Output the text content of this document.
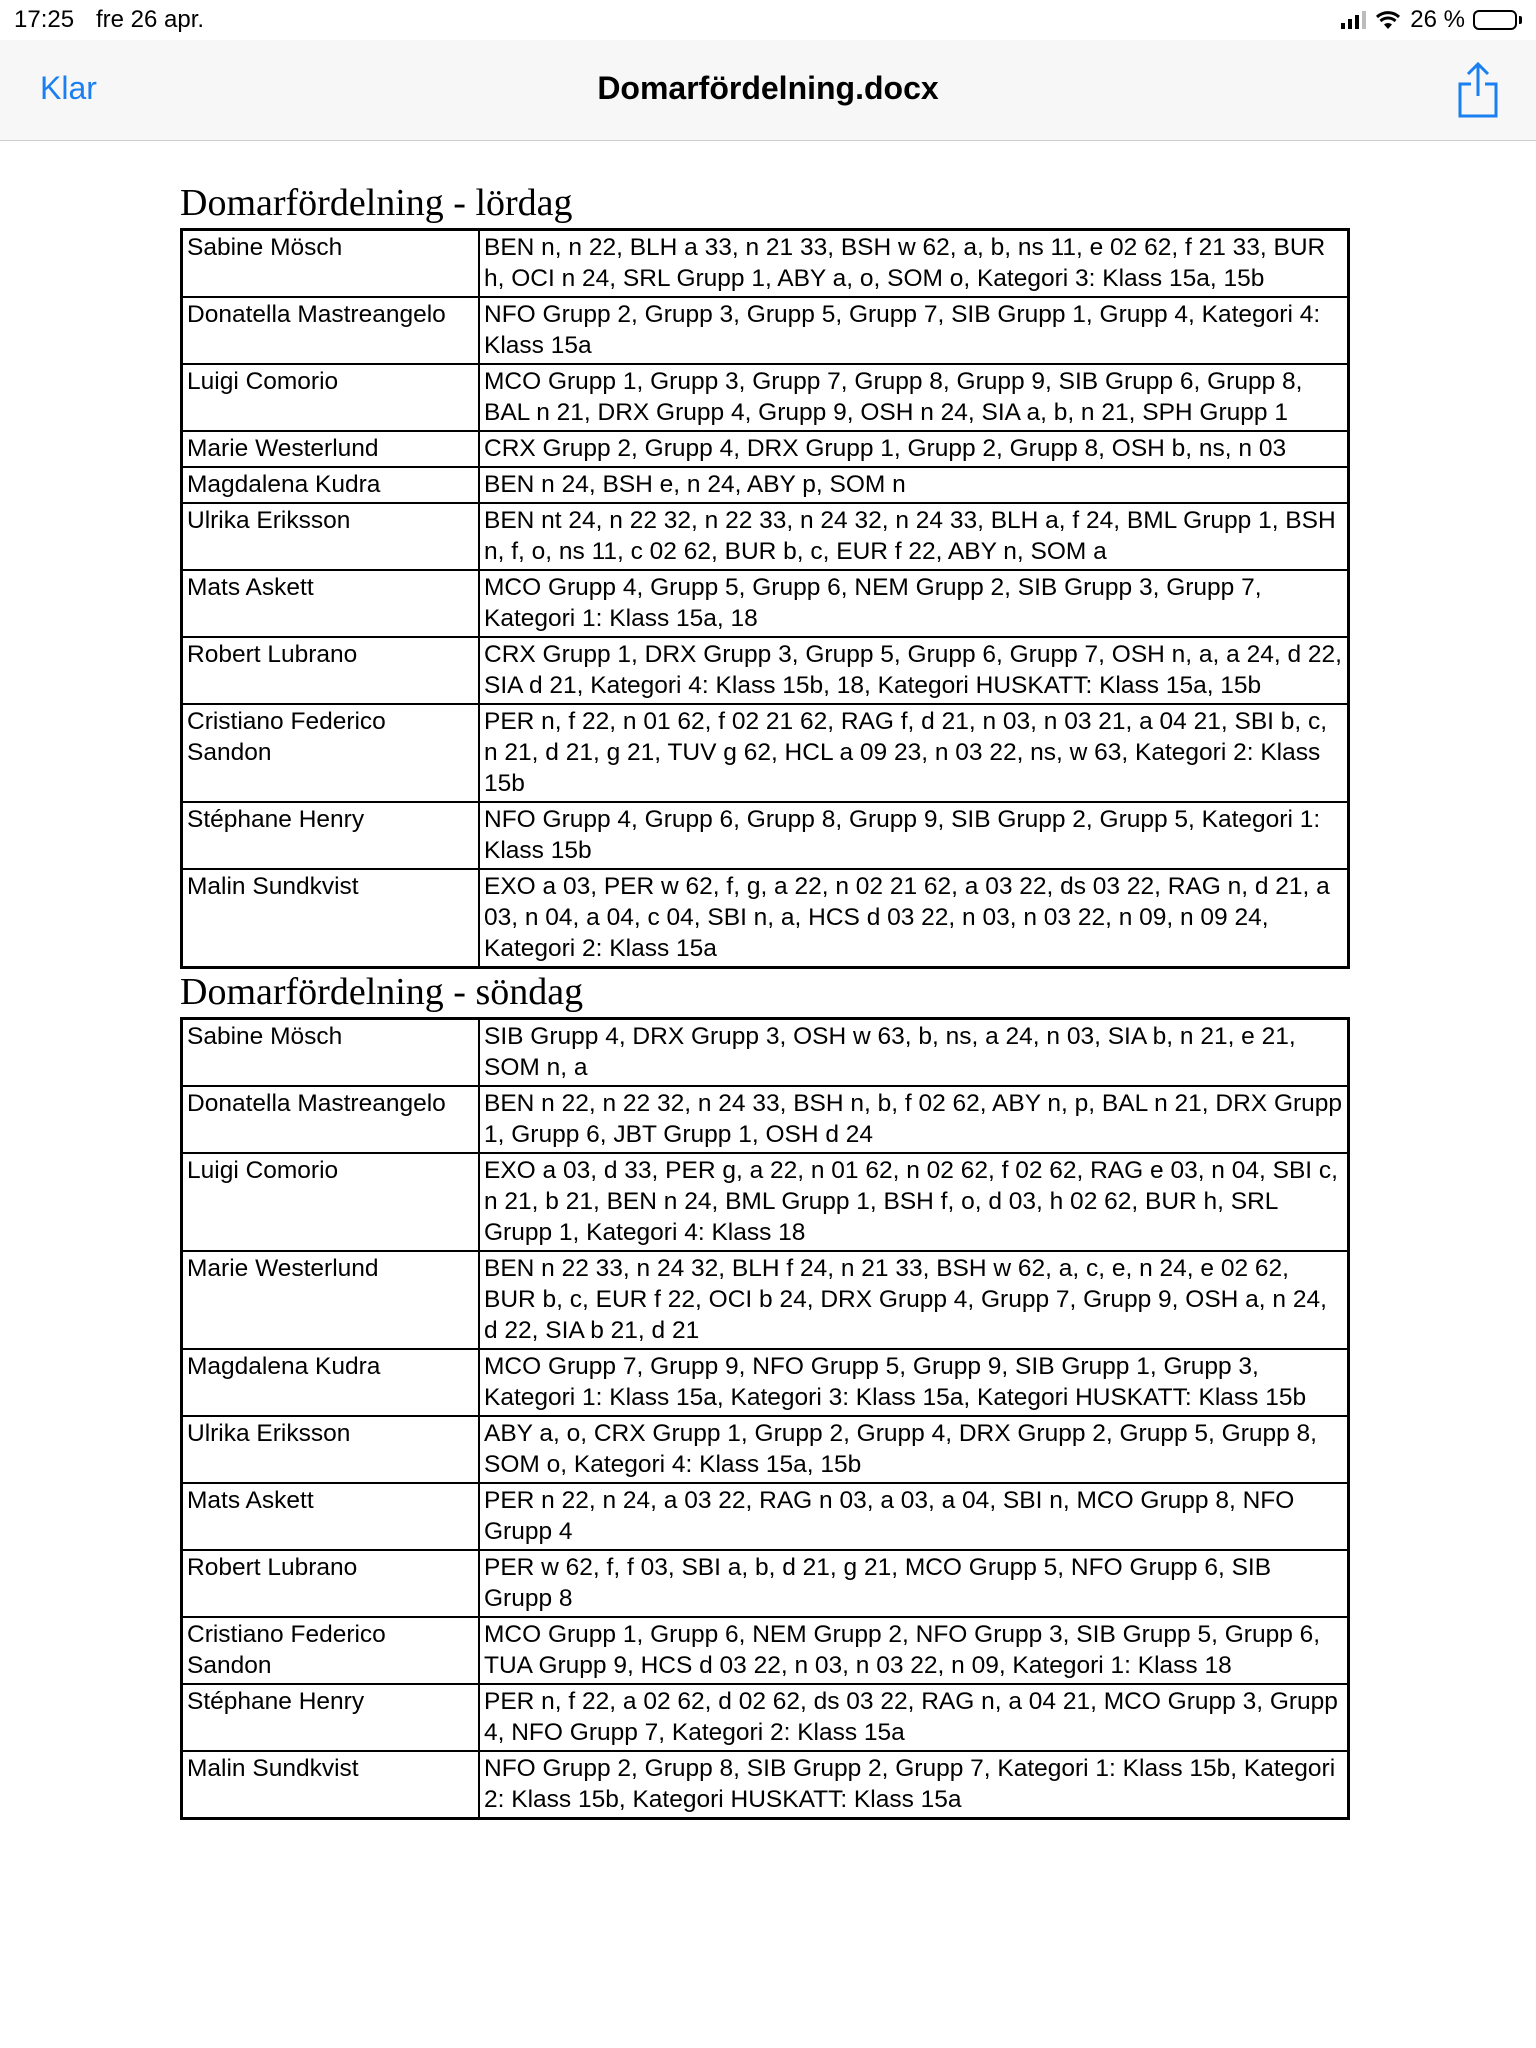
17:25 fre 26 apr.	26 %
Klar	Domarfördelning.docx
Domarfördelning - lördag
Sabine Mösch	BEN n, n 22, BLH a 33, n 21 33, BSH w 62, a, b, ns 11, e 02 62, f 21 33, BUR h, OCI n 24, SRL Grupp 1, ABY a, o, SOM o, Kategori 3: Klass 15a, 15b
Donatella Mastreangelo	NFO Grupp 2, Grupp 3, Grupp 5, Grupp 7, SIB Grupp 1, Grupp 4, Kategori 4: Klass 15a
Luigi Comorio	MCO Grupp 1, Grupp 3, Grupp 7, Grupp 8, Grupp 9, SIB Grupp 6, Grupp 8, BAL n 21, DRX Grupp 4, Grupp 9, OSH n 24, SIA a, b, n 21, SPH Grupp 1
Marie Westerlund	CRX Grupp 2, Grupp 4, DRX Grupp 1, Grupp 2, Grupp 8, OSH b, ns, n 03
Magdalena Kudra	BEN n 24, BSH e, n 24, ABY p, SOM n
Ulrika Eriksson	BEN nt 24, n 22 32, n 22 33, n 24 32, n 24 33, BLH a, f 24, BML Grupp 1, BSH n, f, o, ns 11, c 02 62, BUR b, c, EUR f 22, ABY n, SOM a
Mats Askett	MCO Grupp 4, Grupp 5, Grupp 6, NEM Grupp 2, SIB Grupp 3, Grupp 7, Kategori 1: Klass 15a, 18
Robert Lubrano	CRX Grupp 1, DRX Grupp 3, Grupp 5, Grupp 6, Grupp 7, OSH n, a, a 24, d 22, SIA d 21, Kategori 4: Klass 15b, 18, Kategori HUSKATT: Klass 15a, 15b
Cristiano Federico Sandon	PER n, f 22, n 01 62, f 02 21 62, RAG f, d 21, n 03, n 03 21, a 04 21, SBI b, c, n 21, d 21, g 21, TUV g 62, HCL a 09 23, n 03 22, ns, w 63, Kategori 2: Klass 15b
Stéphane Henry	NFO Grupp 4, Grupp 6, Grupp 8, Grupp 9, SIB Grupp 2, Grupp 5, Kategori 1: Klass 15b
Malin Sundkvist	EXO a 03, PER w 62, f, g, a 22, n 02 21 62, a 03 22, ds 03 22, RAG n, d 21, a 03, n 04, a 04, c 04, SBI n, a, HCS d 03 22, n 03, n 03 22, n 09, n 09 24, Kategori 2: Klass 15a
Domarfördelning - söndag
Sabine Mösch	SIB Grupp 4, DRX Grupp 3, OSH w 63, b, ns, a 24, n 03, SIA b, n 21, e 21, SOM n, a
Donatella Mastreangelo	BEN n 22, n 22 32, n 24 33, BSH n, b, f 02 62, ABY n, p, BAL n 21, DRX Grupp 1, Grupp 6, JBT Grupp 1, OSH d 24
Luigi Comorio	EXO a 03, d 33, PER g, a 22, n 01 62, n 02 62, f 02 62, RAG e 03, n 04, SBI c, n 21, b 21, BEN n 24, BML Grupp 1, BSH f, o, d 03, h 02 62, BUR h, SRL Grupp 1, Kategori 4: Klass 18
Marie Westerlund	BEN n 22 33, n 24 32, BLH f 24, n 21 33, BSH w 62, a, c, e, n 24, e 02 62, BUR b, c, EUR f 22, OCI b 24, DRX Grupp 4, Grupp 7, Grupp 9, OSH a, n 24, d 22, SIA b 21, d 21
Magdalena Kudra	MCO Grupp 7, Grupp 9, NFO Grupp 5, Grupp 9, SIB Grupp 1, Grupp 3, Kategori 1: Klass 15a, Kategori 3: Klass 15a, Kategori HUSKATT: Klass 15b
Ulrika Eriksson	ABY a, o, CRX Grupp 1, Grupp 2, Grupp 4, DRX Grupp 2, Grupp 5, Grupp 8, SOM o, Kategori 4: Klass 15a, 15b
Mats Askett	PER n 22, n 24, a 03 22, RAG n 03, a 03, a 04, SBI n, MCO Grupp 8, NFO Grupp 4
Robert Lubrano	PER w 62, f, f 03, SBI a, b, d 21, g 21, MCO Grupp 5, NFO Grupp 6, SIB Grupp 8
Cristiano Federico Sandon	MCO Grupp 1, Grupp 6, NEM Grupp 2, NFO Grupp 3, SIB Grupp 5, Grupp 6, TUA Grupp 9, HCS d 03 22, n 03, n 03 22, n 09, Kategori 1: Klass 18
Stéphane Henry	PER n, f 22, a 02 62, d 02 62, ds 03 22, RAG n, a 04 21, MCO Grupp 3, Grupp 4, NFO Grupp 7, Kategori 2: Klass 15a
Malin Sundkvist	NFO Grupp 2, Grupp 8, SIB Grupp 2, Grupp 7, Kategori 1: Klass 15b, Kategori 2: Klass 15b, Kategori HUSKATT: Klass 15a
